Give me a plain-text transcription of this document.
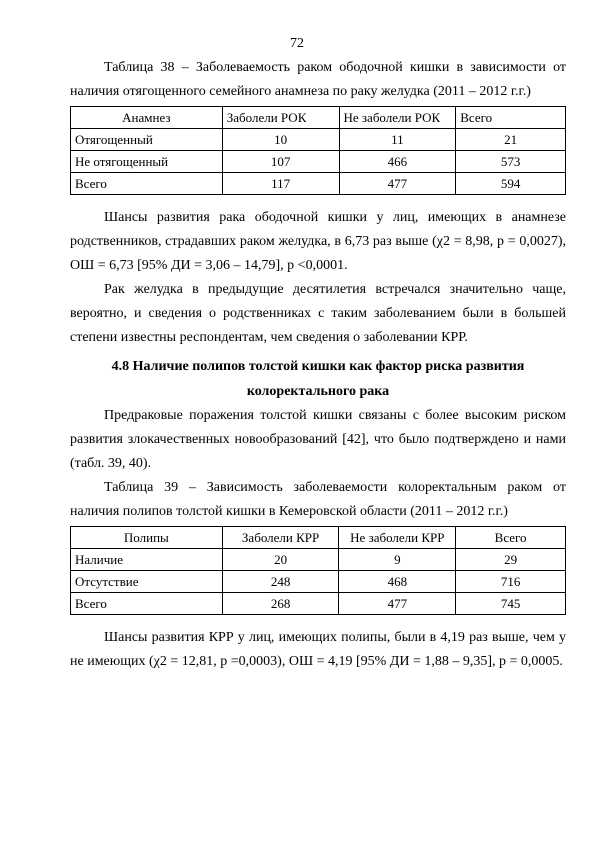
72

Таблица 38 – Заболеваемость раком ободочной кишки в зависимости от наличия отягощенного семейного анамнеза по раку желудка (2011 – 2012 г.г.)

Анамнез	Заболели РОК	Не заболели РОК	Всего
Отягощенный	10	11	21
Не отягощенный	107	466	573
Всего	117	477	594

Шансы развития рака ободочной кишки у лиц, имеющих в анамнезе родственников, страдавших раком желудка, в 6,73 раз выше (χ2 = 8,98, p = 0,0027), ОШ = 6,73 [95% ДИ = 3,06 – 14,79], p <0,0001.

Рак желудка в предыдущие десятилетия встречался значительно чаще, вероятно, и сведения о родственниках с таким заболеванием были в большей степени известны респондентам, чем сведения о заболевании КРР.

4.8 Наличие полипов толстой кишки как фактор риска развития колоректального рака

Предраковые поражения толстой кишки связаны с более высоким риском развития злокачественных новообразований [42], что было подтверждено и нами (табл. 39, 40).

Таблица 39 – Зависимость заболеваемости колоректальным раком от наличия полипов толстой кишки в Кемеровской области (2011 – 2012 г.г.)

Полипы	Заболели КРР	Не заболели КРР	Всего
Наличие	20	9	29
Отсутствие	248	468	716
Всего	268	477	745

Шансы развития КРР у лиц, имеющих полипы, были в 4,19 раз выше, чем у не имеющих (χ2 = 12,81, p =0,0003), ОШ = 4,19 [95% ДИ = 1,88 – 9,35], p = 0,0005.
